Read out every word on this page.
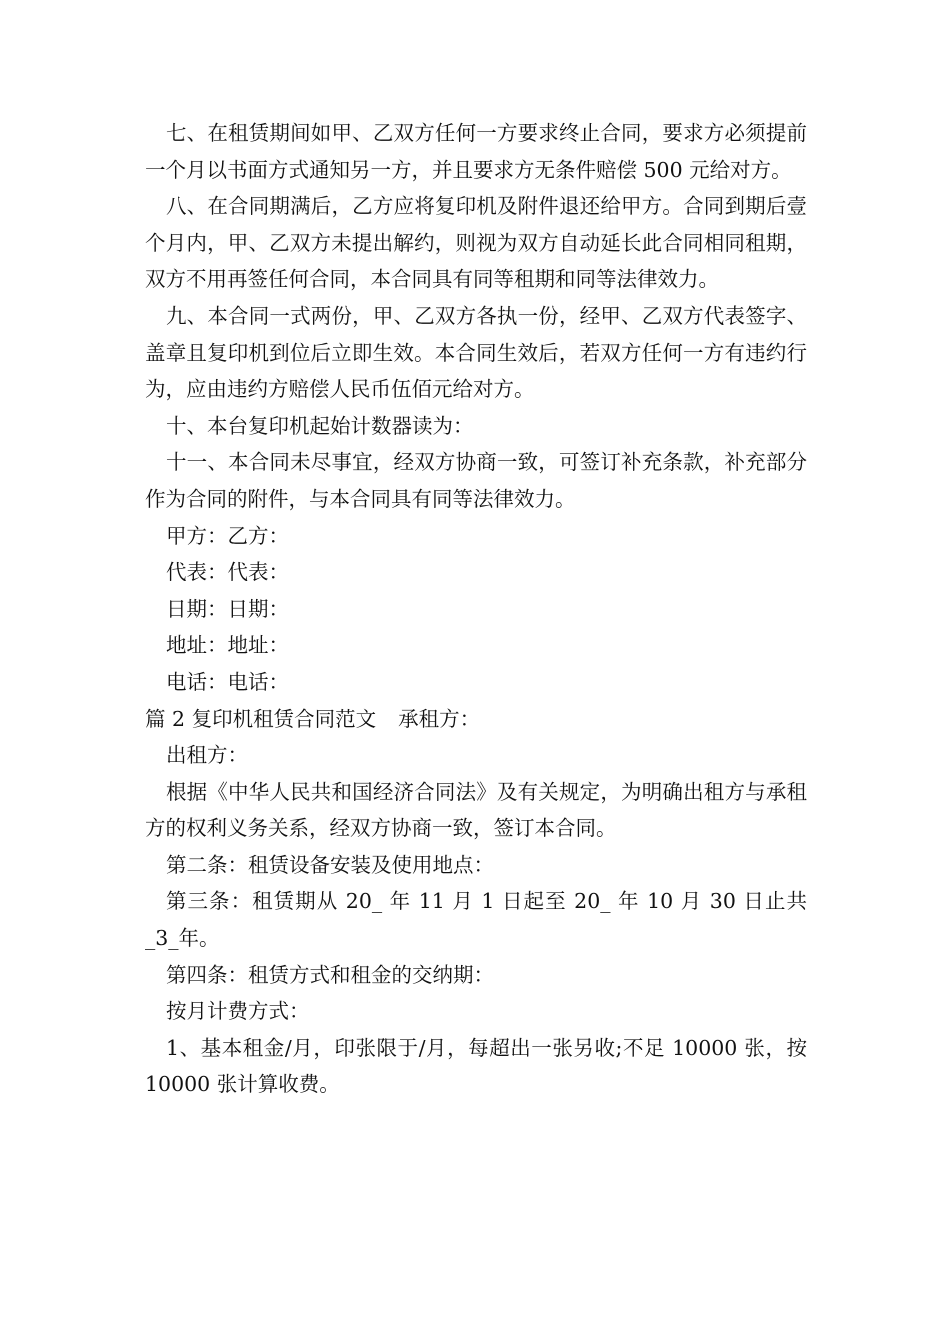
七、在租赁期间如甲、乙双方任何一方要求终止合同，要求方必须提前一个月以书面方式通知另一方，并且要求方无条件赔偿 500 元给对方。

八、在合同期满后，乙方应将复印机及附件退还给甲方。合同到期后壹个月内，甲、乙双方未提出解约，则视为双方自动延长此合同相同租期，双方不用再签任何合同，本合同具有同等租期和同等法律效力。

九、本合同一式两份，甲、乙双方各执一份，经甲、乙双方代表签字、盖章且复印机到位后立即生效。本合同生效后，若双方任何一方有违约行为，应由违约方赔偿人民币伍佰元给对方。

十、本台复印机起始计数器读为：

十一、本合同未尽事宜，经双方协商一致，可签订补充条款，补充部分作为合同的附件，与本合同具有同等法律效力。

甲方：乙方：
代表：代表：
日期：日期：
地址：地址：
电话：电话：
篇 2 复印机租赁合同范文 承租方：

出租方：

根据《中华人民共和国经济合同法》及有关规定，为明确出租方与承租方的权利义务关系，经双方协商一致，签订本合同。

第二条：租赁设备安装及使用地点：

第三条：租赁期从 20_ 年 11 月 1 日起至 20_ 年 10 月 30 日止共_3_年。

第四条：租赁方式和租金的交纳期：

按月计费方式：

1、基本租金/月，印张限于/月，每超出一张另收;不足 10000 张，按 10000 张计算收费。
